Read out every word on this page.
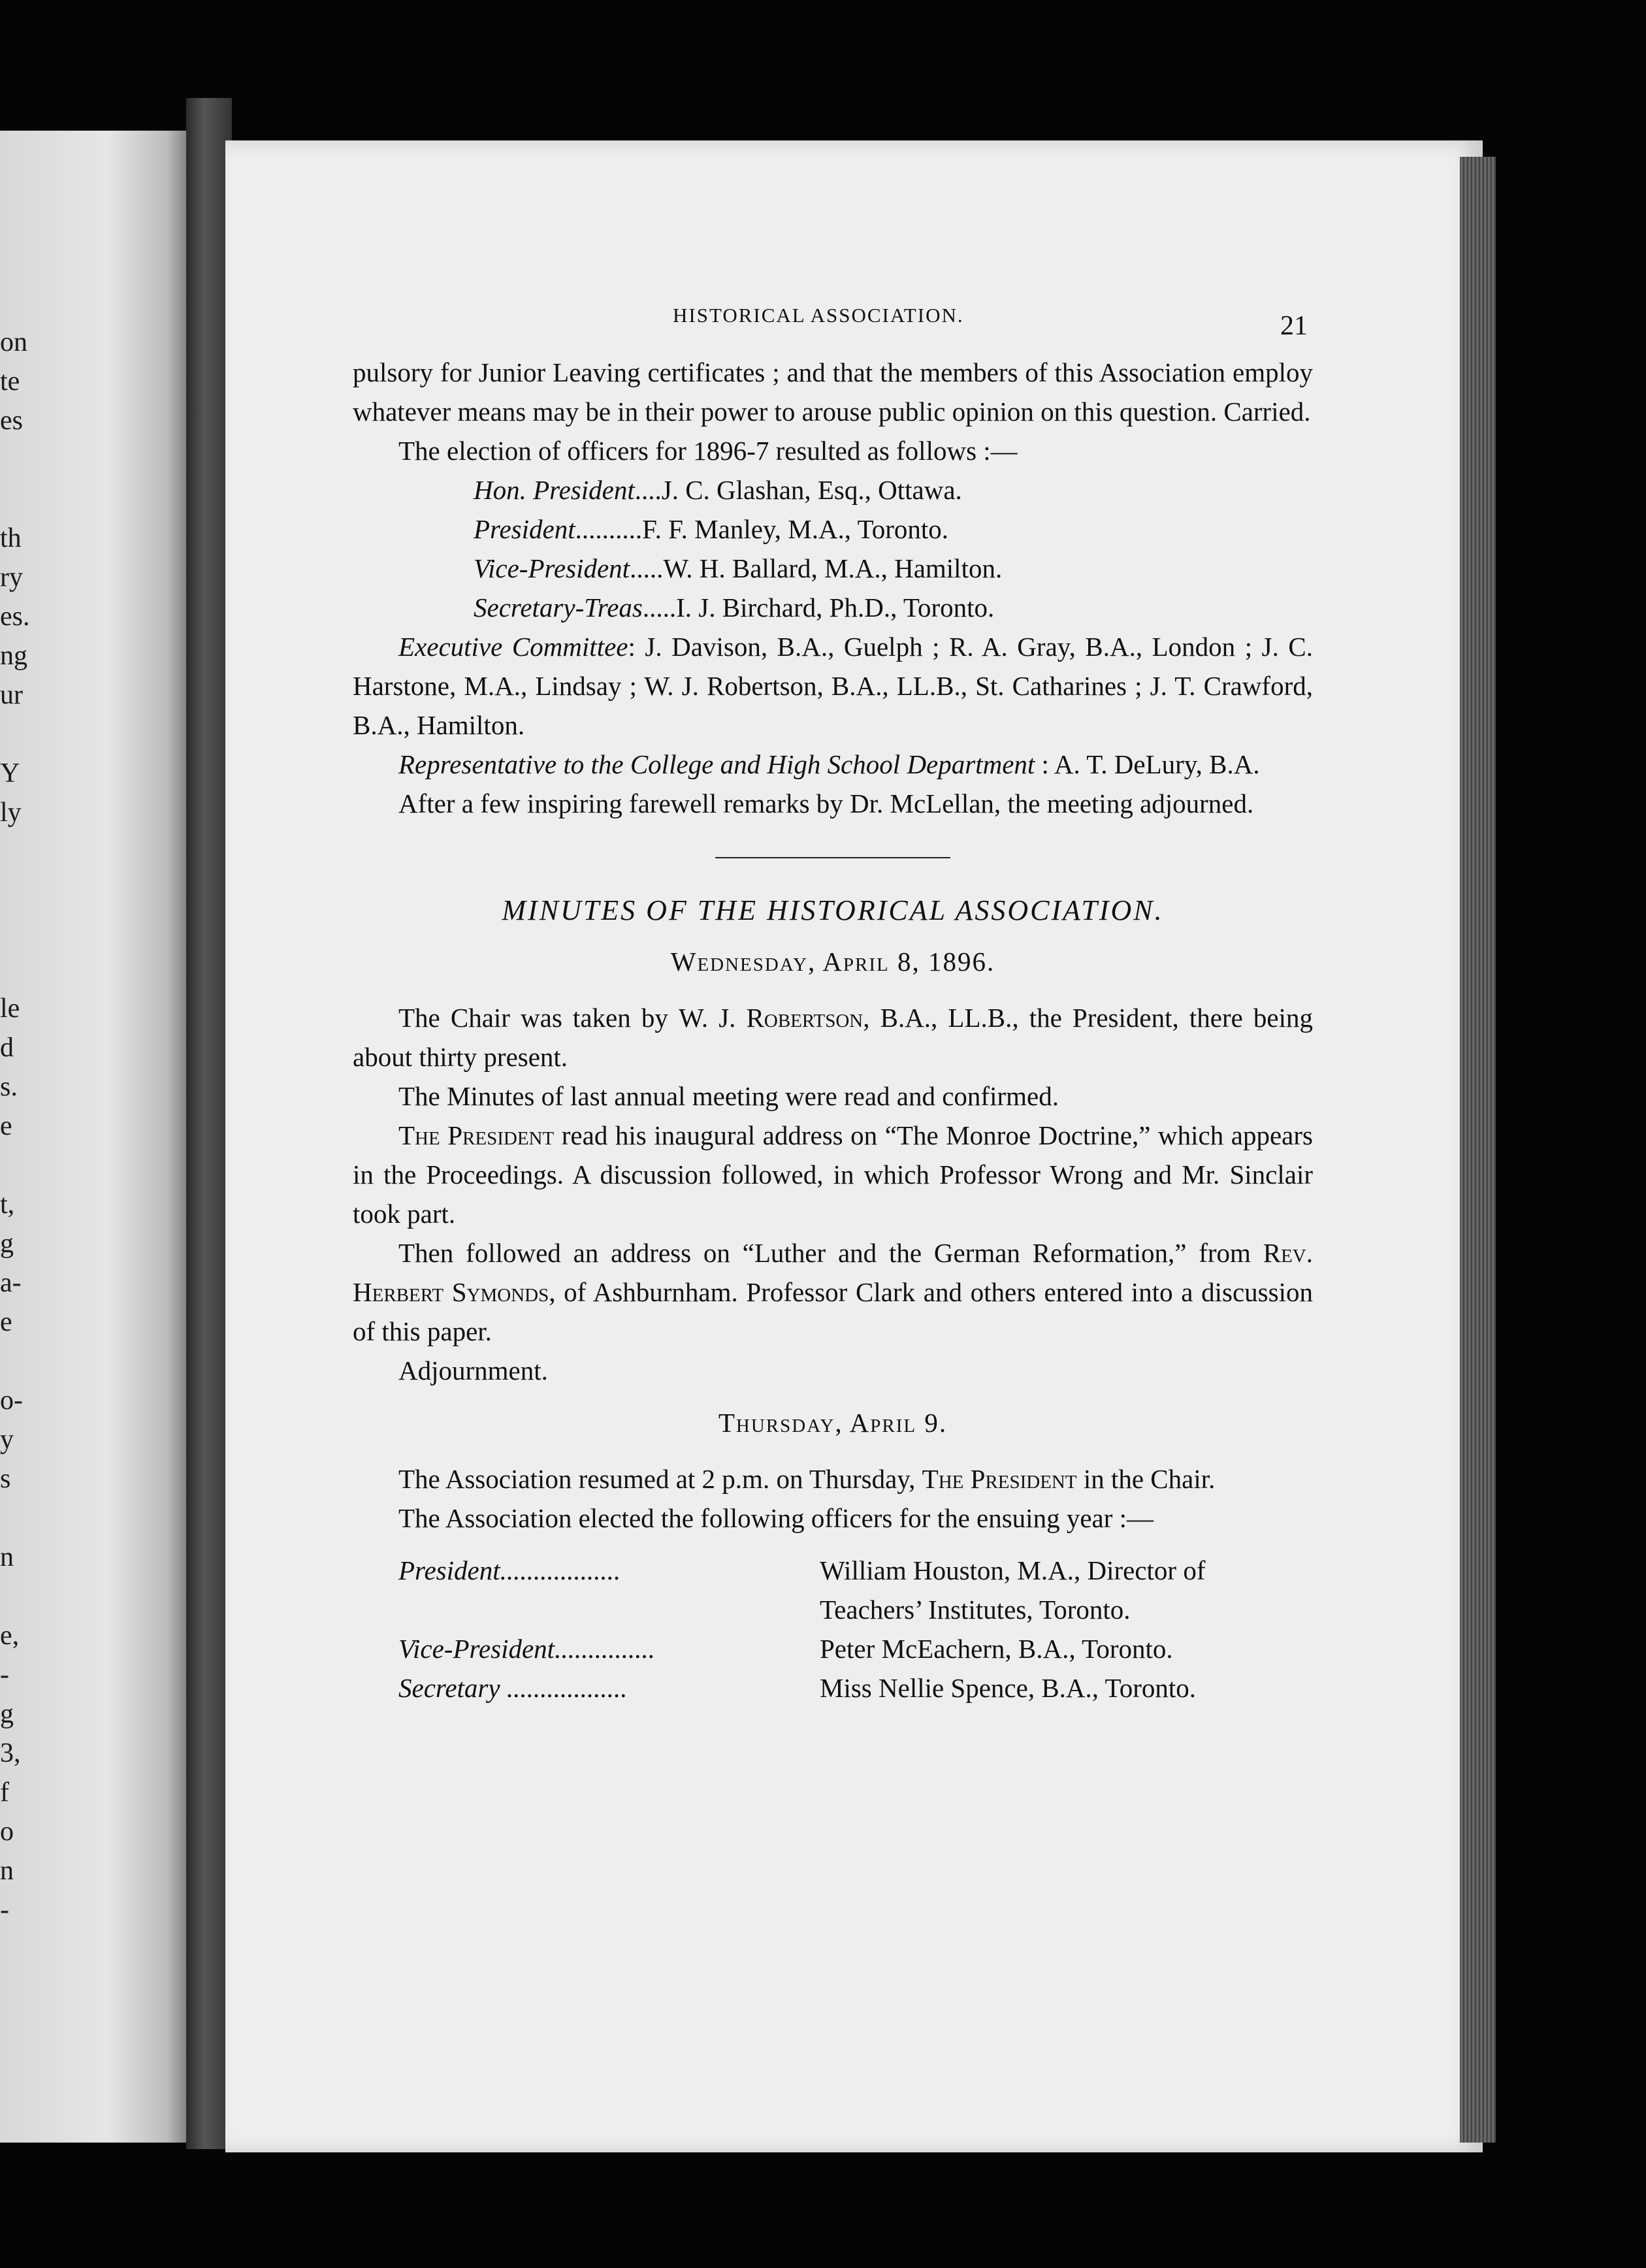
on
te
es
th
ry
es.
ng
ur
Y
ly
le
d
s.
e
t,
g
a-
e
o-
y
s
n
e,
-
g
3,
f
o
n
-
HISTORICAL ASSOCIATION.	21

pulsory for Junior Leaving certificates ; and that the members of this Association employ whatever means may be in their power to arouse public opinion on this question. Carried.

The election of officers for 1896-7 resulted as follows :—

Hon. President .... J. C. Glashan, Esq., Ottawa.
President .......... F. F. Manley, M.A., Toronto.
Vice-President ..... W. H. Ballard, M.A., Hamilton.
Secretary-Treas ..... I. J. Birchard, Ph.D., Toronto.

Executive Committee: J. Davison, B.A., Guelph ; R. A. Gray, B.A., London ; J. C. Harstone, M.A., Lindsay ; W. J. Robertson, B.A., LL.B., St. Catharines ; J. T. Crawford, B.A., Hamilton.

Representative to the College and High School Department : A. T. DeLury, B.A.

After a few inspiring farewell remarks by Dr. McLellan, the meeting adjourned.

MINUTES OF THE HISTORICAL ASSOCIATION.
Wednesday, April 8, 1896.

The Chair was taken by W. J. Robertson, B.A., LL.B., the President, there being about thirty present.

The Minutes of last annual meeting were read and confirmed.

The President read his inaugural address on “The Monroe Doctrine,” which appears in the Proceedings. A discussion followed, in which Professor Wrong and Mr. Sinclair took part.

Then followed an address on “Luther and the German Reformation,” from Rev. Herbert Symonds, of Ashburnham. Professor Clark and others entered into a discussion of this paper.

Adjournment.

Thursday, April 9.

The Association resumed at 2 p.m. on Thursday, The President in the Chair.

The Association elected the following officers for the ensuing year :—

President..................	William Houston, M.A., Director of
Teachers’ Institutes, Toronto.
Vice-President...............	Peter McEachern, B.A., Toronto.
Secretary ..................	Miss Nellie Spence, B.A., Toronto.
